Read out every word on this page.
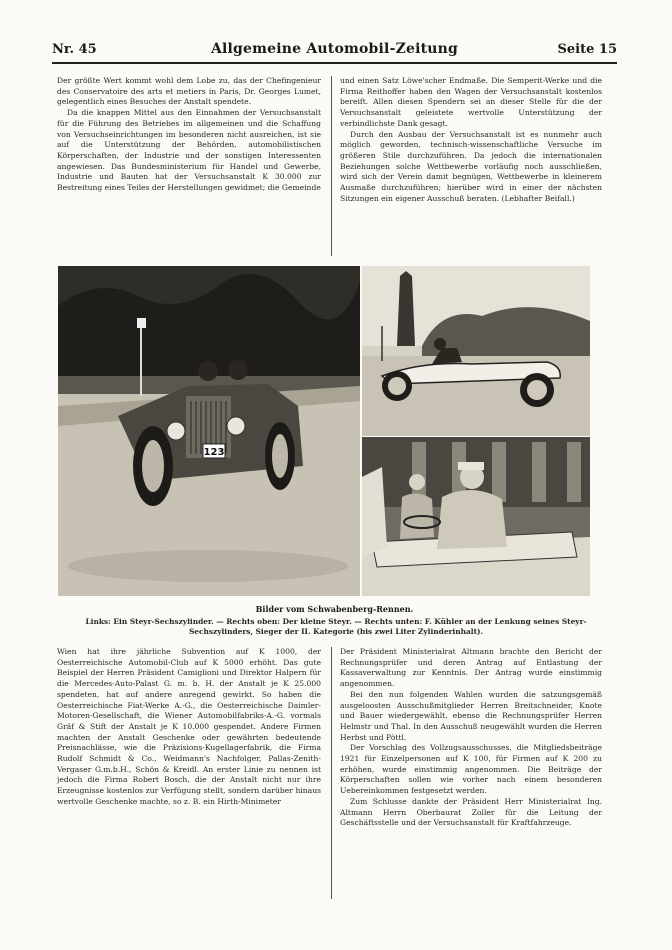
Nr. 45	Allgemeine Automobil-Zeitung	Seite 15

Der größte Wert kommt wohl dem Lobe zu, das der Chefingenieur des Conservatoire des arts et metiers in Paris, Dr. Georges Lumet, gelegentlich eines Besuches der Anstalt spendete.

Da die knappen Mittel aus den Einnahmen der Versuchsanstalt für die Führung des Betriebes im allgemeinen und die Schaffung von Versuchseinrichtungen im besonderen nicht ausreichen, ist sie auf die Unterstützung der Behörden, automobilistischen Körperschaften, der Industrie und der sonstigen Interessenten angewiesen. Das Bundesministerium für Handel und Gewerbe, Industrie und Bauten hat der Versuchsanstalt K 30.000 zur Bestreitung eines Teiles der Herstellungen gewidmet; die Gemeinde

und einen Satz Löwe'scher Endmaße. Die Semperit-Werke und die Firma Reithoffer haben den Wagen der Versuchsanstalt kostenlos bereift. Allen diesen Spendern sei an dieser Stelle für die der Versuchsanstalt geleistete wertvolle Unterstützung der verbindlichste Dank gesagt.

Durch den Ausbau der Versuchsanstalt ist es nunmehr auch möglich geworden, technisch-wissenschaftliche Versuche im größeren Stile durchzuführen. Da jedoch die internationalen Beziehungen solche Wettbewerbe vorläufig noch ausschließen, wird sich der Verein damit begnügen, Wettbewerbe in kleinerem Ausmaße durchzuführen; hierüber wird in einer der nächsten Sitzungen ein eigener Ausschuß beraten. (Lebhafter Beifall.)

123
Bilder vom Schwabenberg-Rennen.
Links: Ein Steyr-Sechszylinder. — Rechts oben: Der kleine Steyr. — Rechts unten: F. Kühler an der Lenkung seines Steyr-Sechszylinders, Sieger der II. Kategorie (bis zwei Liter Zylinderinhalt).

Wien hat ihre jährliche Subvention auf K 1000, der Oesterreichische Automobil-Club auf K 5000 erhöht. Das gute Beispiel der Herren Präsident Camiglioni und Direktor Halpern für die Mercedes-Auto-Palast G. m. b. H. der Anstalt je K 25.000 spendeten, hat auf andere anregend gewirkt. So haben die Oesterreichische Fiat-Werke A.-G., die Oesterreichische Daimler-Motoren-Gesellschaft, die Wiener Automobilfabriks-A.-G. vormals Gräf & Stift der Anstalt je K 10.000 gespendet. Andere Firmen machten der Anstalt Geschenke oder gewährten bedeutende Preisnachlässe, wie die Präzisions-Kugellagerfabrik, die Firma Rudolf Schmidt & Co., Weidmann's Nachfolger, Pallas-Zenith-Vergaser G.m.b.H., Schön & Kreidl. An erster Linie zu nennen ist jedoch die Firma Robert Bosch, die der Anstalt nicht nur ihre Erzeugnisse kostenlos zur Verfügung stellt, sondern darüber hinaus wertvolle Geschenke machte, so z. B. ein Hirth-Minimeter

Der Präsident Ministerialrat Altmann brachte den Bericht der Rechnungsprüfer und deren Antrag auf Entlastung der Kassaverwaltung zur Kenntnis. Der Antrag wurde einstimmig angenommen.

Bei den nun folgenden Wahlen wurden die satzungsgemäß ausgeloosten Ausschußmitglieder Herren Breitschneider, Knote und Bauer wiedergewählt, ebenso die Rechnungsprüfer Herren Helmstr und Thal. In den Ausschuß neugewählt wurden die Herren Herbst und Pöttl.

Der Vorschlag des Vollzugsausschusses, die Mitgliedsbeiträge 1921 für Einzelpersonen auf K 100, für Firmen auf K 200 zu erhöhen, wurde einstimmig angenommen. Die Beiträge der Körperschaften sollen wie vorher nach einem besonderen Uebereinkommen festgesetzt werden.

Zum Schlusse dankte der Präsident Herr Ministerialrat Ing. Altmann Herrn Oberbaurat Zoller für die Leitung der Geschäftsstelle und der Versuchsanstalt für Kraftfahrzeuge.
